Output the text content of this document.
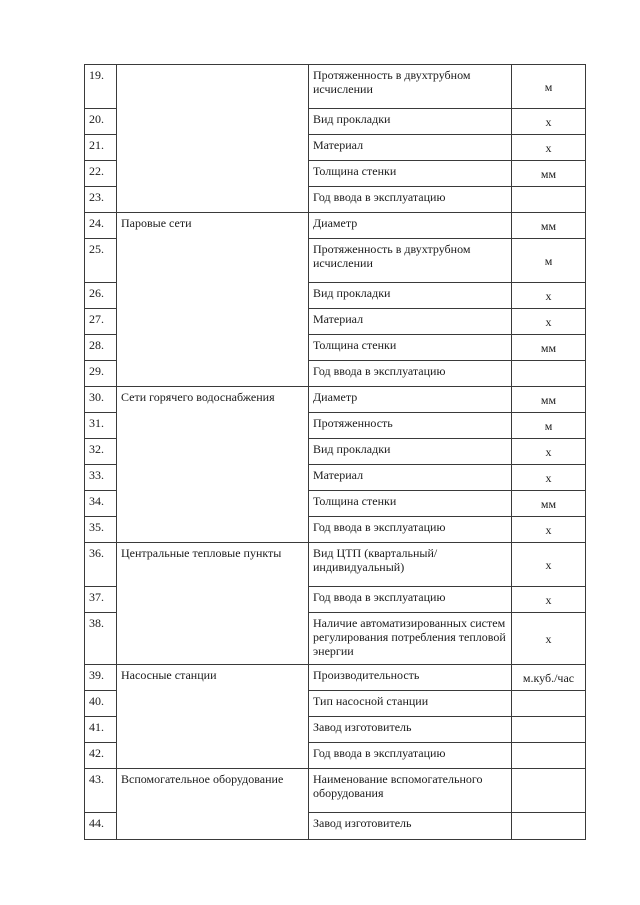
19.		Протяженность в двухтрубном исчислении	м
20.		Вид прокладки	х
21.		Материал	х
22.		Толщина стенки	мм
23.		Год ввода в эксплуатацию	
24.	Паровые сети	Диаметр	мм
25.		Протяженность в двухтрубном исчислении	м
26.		Вид прокладки	х
27.		Материал	х
28.		Толщина стенки	мм
29.		Год ввода в эксплуатацию	
30.	Сети горячего водоснабжения	Диаметр	мм
31.		Протяженность	м
32.		Вид прокладки	х
33.		Материал	х
34.		Толщина стенки	мм
35.		Год ввода в эксплуатацию	х
36.	Центральные тепловые пункты	Вид ЦТП (квартальный/индивидуальный)	х
37.		Год ввода в эксплуатацию	х
38.		Наличие автоматизированных систем регулирования потребления тепловой энергии	х
39.	Насосные станции	Производительность	м.куб./час
40.		Тип насосной станции	
41.		Завод изготовитель	
42.		Год ввода в эксплуатацию	
43.	Вспомогательное оборудование	Наименование вспомогательного оборудования	
44.		Завод изготовитель	
